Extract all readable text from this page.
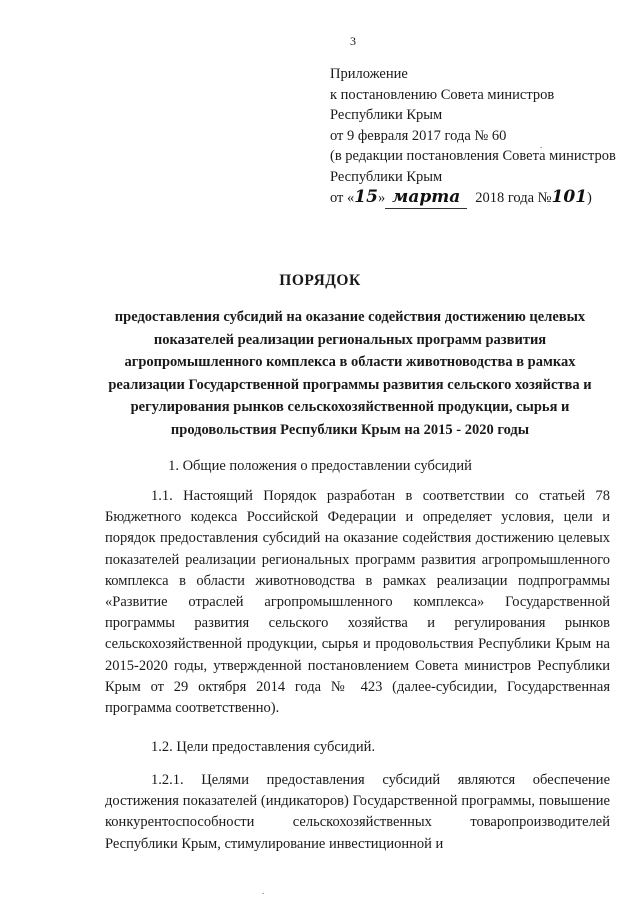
3
Приложение
к постановлению Совета министров
Республики Крым
от 9 февраля 2017 года № 60
(в редакции постановления Совета министров
Республики Крым
от «15» марта 2018 года №101)
ПОРЯДОК
предоставления субсидий на оказание содействия достижению целевых показателей реализации региональных программ развития агропромышленного комплекса в области животноводства в рамках реализации Государственной программы развития сельского хозяйства и регулирования рынков сельскохозяйственной продукции, сырья и продовольствия Республики Крым на 2015 - 2020 годы
1. Общие положения о предоставлении субсидий
1.1. Настоящий Порядок разработан в соответствии со статьей 78 Бюджетного кодекса Российской Федерации и определяет условия, цели и порядок предоставления субсидий на оказание содействия достижению целевых показателей реализации региональных программ развития агропромышленного комплекса в области животноводства в рамках реализации подпрограммы «Развитие отраслей агропромышленного комплекса» Государственной программы развития сельского хозяйства и регулирования рынков сельскохозяйственной продукции, сырья и продовольствия Республики Крым на 2015-2020 годы, утвержденной постановлением Совета министров Республики Крым от 29 октября 2014 года № 423 (далее-субсидии, Государственная программа соответственно).
1.2. Цели предоставления субсидий.
1.2.1. Целями предоставления субсидий являются обеспечение достижения показателей (индикаторов) Государственной программы, повышение конкурентоспособности сельскохозяйственных товаропроизводителей Республики Крым, стимулирование инвестиционной и
.
.
